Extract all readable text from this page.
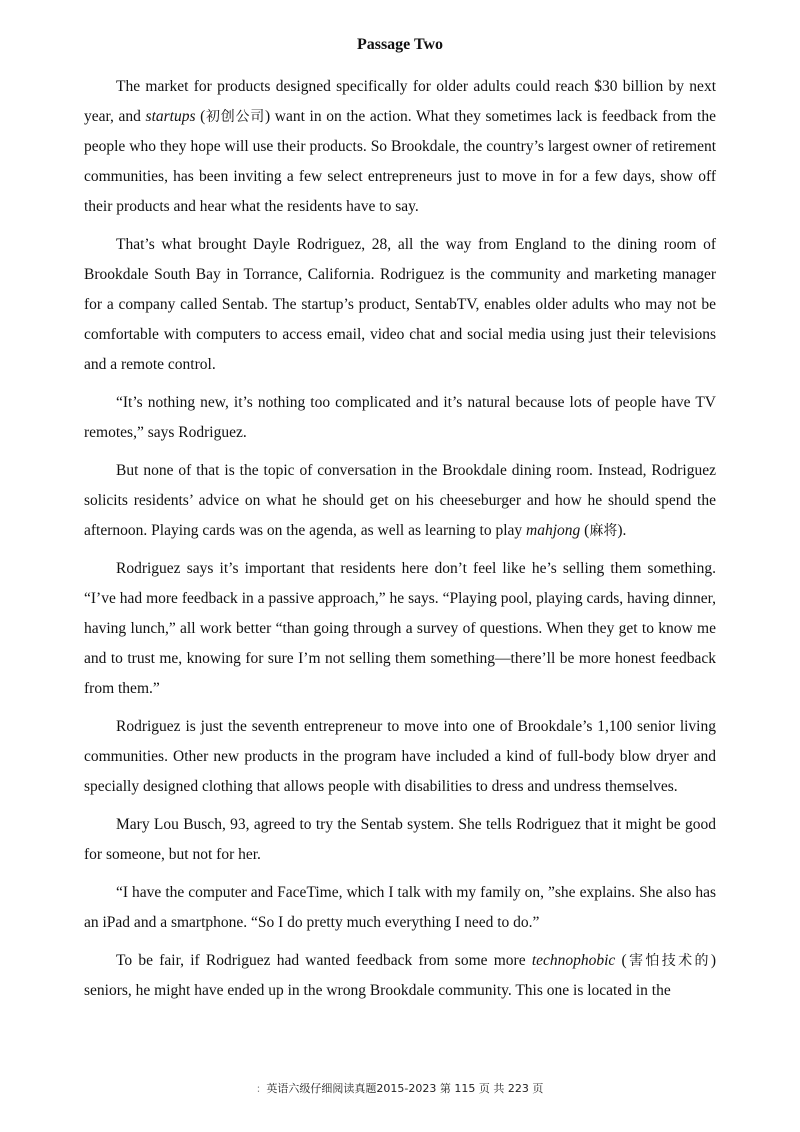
Passage Two

The market for products designed specifically for older adults could reach $30 billion by next year, and startups (初创公司) want in on the action. What they sometimes lack is feedback from the people who they hope will use their products. So Brookdale, the country’s largest owner of retirement communities, has been inviting a few select entrepreneurs just to move in for a few days, show off their products and hear what the residents have to say.

That’s what brought Dayle Rodriguez, 28, all the way from England to the dining room of Brookdale South Bay in Torrance, California. Rodriguez is the community and marketing manager for a company called Sentab. The startup’s product, SentabTV, enables older adults who may not be comfortable with computers to access email, video chat and social media using just their televisions and a remote control.

“It’s nothing new, it’s nothing too complicated and it’s natural because lots of people have TV remotes,” says Rodriguez.

But none of that is the topic of conversation in the Brookdale dining room. Instead, Rodriguez solicits residents’ advice on what he should get on his cheeseburger and how he should spend the afternoon. Playing cards was on the agenda, as well as learning to play mahjong (麻将).

Rodriguez says it’s important that residents here don’t feel like he’s selling them something. “I’ve had more feedback in a passive approach,” he says. “Playing pool, playing cards, having dinner, having lunch,” all work better “than going through a survey of questions. When they get to know me and to trust me, knowing for sure I’m not selling them something—there’ll be more honest feedback from them.”

Rodriguez is just the seventh entrepreneur to move into one of Brookdale’s 1,100 senior living communities. Other new products in the program have included a kind of full-body blow dryer and specially designed clothing that allows people with disabilities to dress and undress themselves.

Mary Lou Busch, 93, agreed to try the Sentab system. She tells Rodriguez that it might be good for someone, but not for her.

“I have the computer and FaceTime, which I talk with my family on, ”she explains. She also has an iPad and a smartphone. “So I do pretty much everything I need to do.”

To be fair, if Rodriguez had wanted feedback from some more technophobic (害怕技术的) seniors, he might have ended up in the wrong Brookdale community. This one is located in the

: 英语六级仔细阅读真题2015-2023 第 115 页 共 223 页
